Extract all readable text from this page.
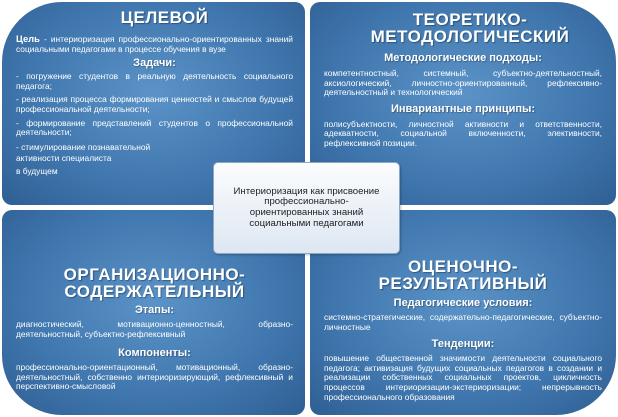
ЦЕЛЕВОЙ
Цель - интериоризация профессионально-ориентированных знаний социальными педагогами в процессе обучения в вузе
Задачи:
- погружение студентов в реальную деятельность социального педагога;
- реализация процесса формирования ценностей и смыслов будущей профессиональной деятельности;
- формирование представлений студентов о профессиональной деятельности;
- стимулирование познавательной активности специалиста
в будущем
ТЕОРЕТИКО-
МЕТОДОЛОГИЧЕСКИЙ
Методологические подходы:
компетентностный, системный, субъектно-деятельностный, аксиологический, личностно-ориентированный, рефлексивно-деятельностный и технологический
Инвариантные принципы:
полисубъектности, личностной активности и ответственности, адекватности, социальной включенности, элективности, рефлексивной позиции.
ОРГАНИЗАЦИОННО-
СОДЕРЖАТЕЛЬНЫЙ
Этапы:
диагностический, мотивационно-ценностный, образно-деятельностный, субъектно-рефлексивный
Компоненты:
профессионально-ориентационный, мотивационный, образно-деятельностный, собственно интериоризирующий, рефлексивный и перспективно-смысловой
ОЦЕНОЧНО-
РЕЗУЛЬТАТИВНЫЙ
Педагогические условия:
системно-стратегические, содержательно-педагогические, субъектно-личностные
Тенденции:
повышение общественной значимости деятельности социального педагога; активизация будущих социальных педагогов в создании и реализации собственных социальных проектов, цикличность процессов интериоризации-экстериоризации; непрерывность профессионального образования
Интериоризация как присвоение профессионально-ориентированных знаний социальными педагогами
